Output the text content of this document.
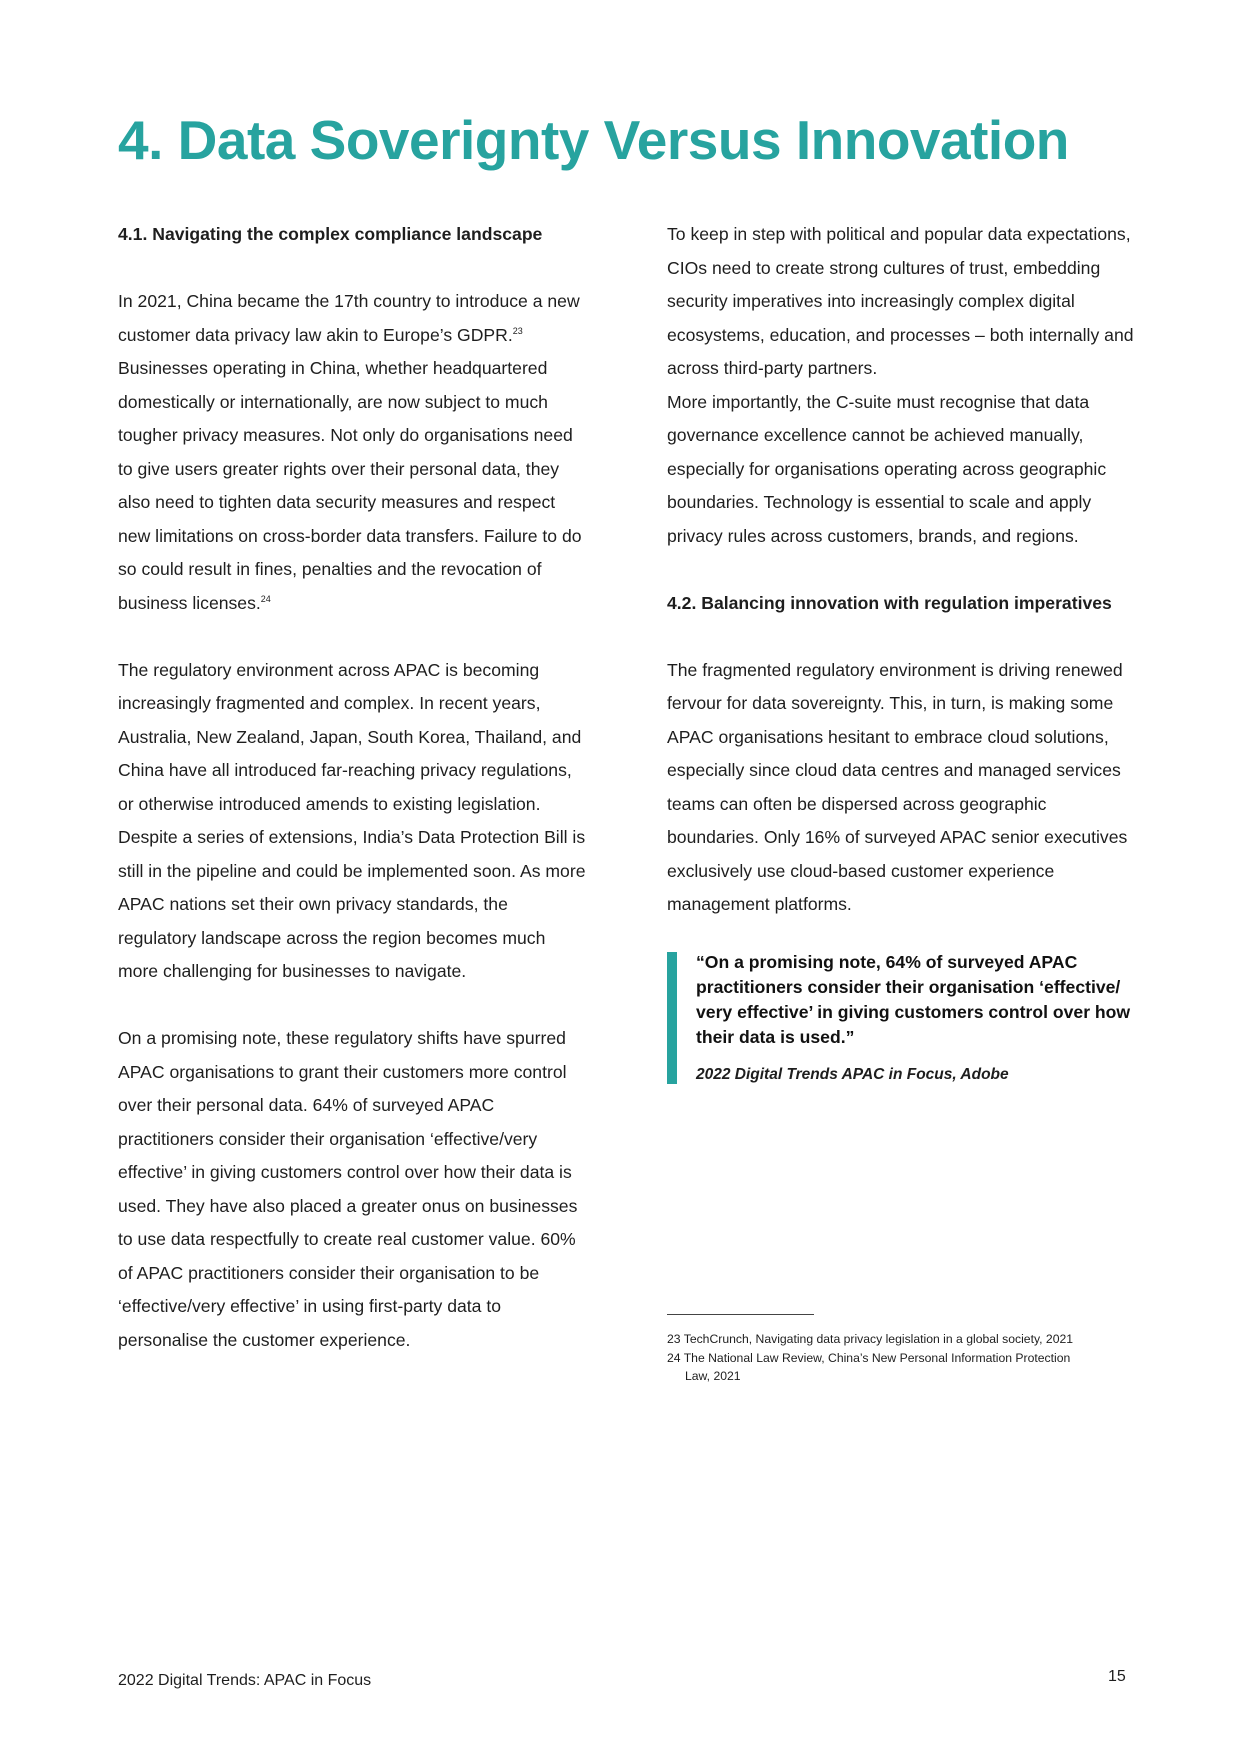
4. Data Soverignty Versus Innovation
4.1. Navigating the complex compliance landscape

In 2021, China became the 17th country to introduce a new customer data privacy law akin to Europe’s GDPR.$^{23}$ Businesses operating in China, whether headquartered domestically or internationally, are now subject to much tougher privacy measures. Not only do organisations need to give users greater rights over their personal data, they also need to tighten data security measures and respect new limitations on cross-border data transfers. Failure to do so could result in fines, penalties and the revocation of business licenses.$^{24}$

The regulatory environment across APAC is becoming increasingly fragmented and complex. In recent years, Australia, New Zealand, Japan, South Korea, Thailand, and China have all introduced far-reaching privacy regulations, or otherwise introduced amends to existing legislation. Despite a series of extensions, India’s Data Protection Bill is still in the pipeline and could be implemented soon. As more APAC nations set their own privacy standards, the regulatory landscape across the region becomes much more challenging for businesses to navigate.

On a promising note, these regulatory shifts have spurred APAC organisations to grant their customers more control over their personal data. 64% of surveyed APAC practitioners consider their organisation ‘effective/very effective’ in giving customers control over how their data is used. They have also placed a greater onus on businesses to use data respectfully to create real customer value. 60% of APAC practitioners consider their organisation to be ‘effective/very effective’ in using first-party data to personalise the customer experience.

To keep in step with political and popular data expectations, CIOs need to create strong cultures of trust, embedding security imperatives into increasingly complex digital ecosystems, education, and processes – both internally and across third-party partners.

More importantly, the C-suite must recognise that data governance excellence cannot be achieved manually, especially for organisations operating across geographic boundaries. Technology is essential to scale and apply privacy rules across customers, brands, and regions.

4.2. Balancing innovation with regulation imperatives

The fragmented regulatory environment is driving renewed fervour for data sovereignty. This, in turn, is making some APAC organisations hesitant to embrace cloud solutions, especially since cloud data centres and managed services teams can often be dispersed across geographic boundaries. Only 16% of surveyed APAC senior executives exclusively use cloud-based customer experience management platforms.

“On a promising note, 64% of surveyed APAC practitioners consider their organisation ‘effective/ very effective’ in giving customers control over how their data is used.”

2022 Digital Trends APAC in Focus, Adobe

23 TechCrunch, Navigating data privacy legislation in a global society, 2021
24 The National Law Review, China’s New Personal Information Protection Law, 2021
2022 Digital Trends: APAC in Focus	15
